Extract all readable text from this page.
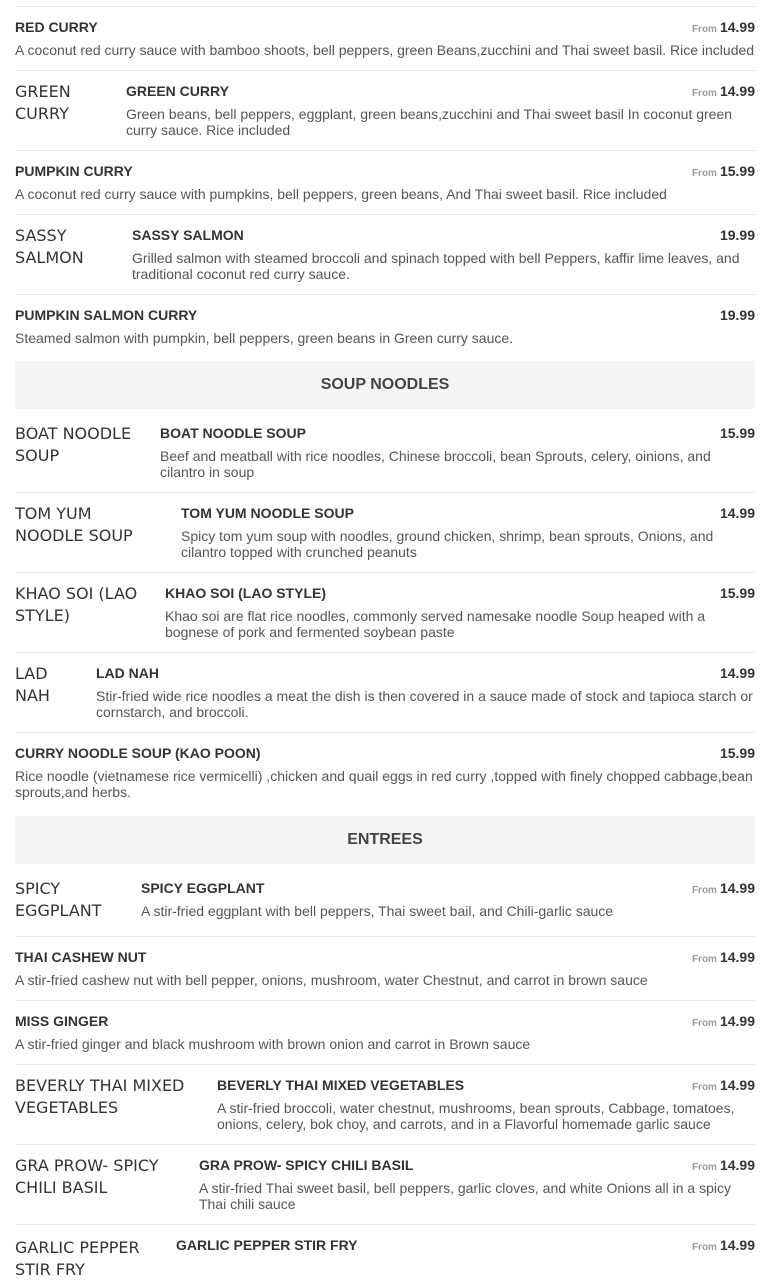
RED CURRY	From 14.99
A coconut red curry sauce with bamboo shoots, bell peppers, green Beans,zucchini and Thai sweet basil. Rice included
GREEN CURRY
GREEN CURRY	From 14.99
Green beans, bell peppers, eggplant, green beans,zucchini and Thai sweet basil In coconut green curry sauce. Rice included
PUMPKIN CURRY	From 15.99
A coconut red curry sauce with pumpkins, bell peppers, green beans, And Thai sweet basil. Rice included
SASSY SALMON
SASSY SALMON	19.99
Grilled salmon with steamed broccoli and spinach topped with bell Peppers, kaffir lime leaves, and traditional coconut red curry sauce.
PUMPKIN SALMON CURRY	19.99
Steamed salmon with pumpkin, bell peppers, green beans in Green curry sauce.
SOUP NOODLES
BOAT NOODLE SOUP
BOAT NOODLE SOUP	15.99
Beef and meatball with rice noodles, Chinese broccoli, bean Sprouts, celery, oinions, and cilantro in soup
TOM YUM NOODLE SOUP
TOM YUM NOODLE SOUP	14.99
Spicy tom yum soup with noodles, ground chicken, shrimp, bean sprouts, Onions, and cilantro topped with crunched peanuts
KHAO SOI (LAO STYLE)
KHAO SOI (LAO STYLE)	15.99
Khao soi are flat rice noodles, commonly served namesake noodle Soup heaped with a bognese of pork and fermented soybean paste
LAD NAH
LAD NAH	14.99
Stir-fried wide rice noodles a meat the dish is then covered in a sauce made of stock and tapioca starch or cornstarch, and broccoli.
CURRY NOODLE SOUP (KAO POON)	15.99
Rice noodle (vietnamese rice vermicelli) ,chicken and quail eggs in red curry ,topped with finely chopped cabbage,bean sprouts,and herbs.
ENTREES
SPICY EGGPLANT
SPICY EGGPLANT	From 14.99
A stir-fried eggplant with bell peppers, Thai sweet bail, and Chili-garlic sauce
THAI CASHEW NUT	From 14.99
A stir-fried cashew nut with bell pepper, onions, mushroom, water Chestnut, and carrot in brown sauce
MISS GINGER	From 14.99
A stir-fried ginger and black mushroom with brown onion and carrot in Brown sauce
BEVERLY THAI MIXED VEGETABLES
BEVERLY THAI MIXED VEGETABLES	From 14.99
A stir-fried broccoli, water chestnut, mushrooms, bean sprouts, Cabbage, tomatoes, onions, celery, bok choy, and carrots, and in a Flavorful homemade garlic sauce
GRA PROW- SPICY CHILI BASIL
GRA PROW- SPICY CHILI BASIL	From 14.99
A stir-fried Thai sweet basil, bell peppers, garlic cloves, and white Onions all in a spicy Thai chili sauce
GARLIC PEPPER STIR FRY
GARLIC PEPPER STIR FRY	From 14.99
